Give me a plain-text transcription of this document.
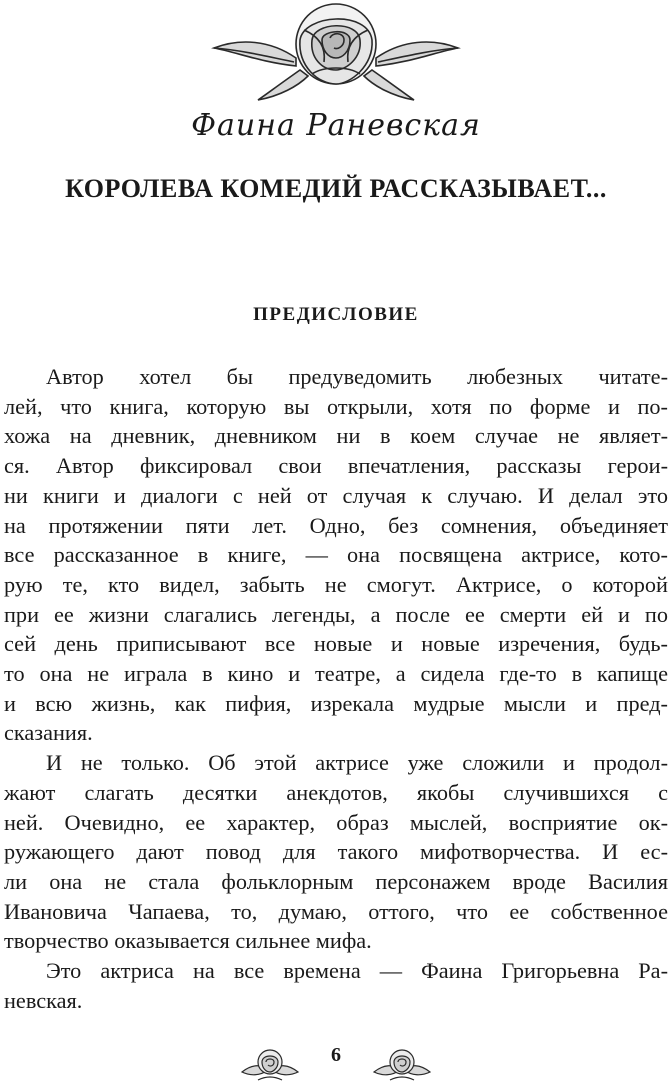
Фаина Раневская
КОРОЛЕВА КОМЕДИЙ РАССКАЗЫВАЕТ...
ПРЕДИСЛОВИЕ
Автор хотел бы предуведомить любезных читате-
лей, что книга, которую вы открыли, хотя по форме и по-
хожа на дневник, дневником ни в коем случае не являет-
ся. Автор фиксировал свои впечатления, рассказы герои-
ни книги и диалоги с ней от случая к случаю. И делал это
на протяжении пяти лет. Одно, без сомнения, объединяет
все рассказанное в книге, — она посвящена актрисе, кото-
рую те, кто видел, забыть не смогут. Актрисе, о которой
при ее жизни слагались легенды, а после ее смерти ей и по
сей день приписывают все новые и новые изречения, будь-
то она не играла в кино и театре, а сидела где-то в капище
и всю жизнь, как пифия, изрекала мудрые мысли и пред-
сказания.
И не только. Об этой актрисе уже сложили и продол-
жают слагать десятки анекдотов, якобы случившихся с
ней. Очевидно, ее характер, образ мыслей, восприятие ок-
ружающего дают повод для такого мифотворчества. И ес-
ли она не стала фольклорным персонажем вроде Василия
Ивановича Чапаева, то, думаю, оттого, что ее собственное
творчество оказывается сильнее мифа.
Это актриса на все времена — Фаина Григорьевна Ра-
невская.
6
